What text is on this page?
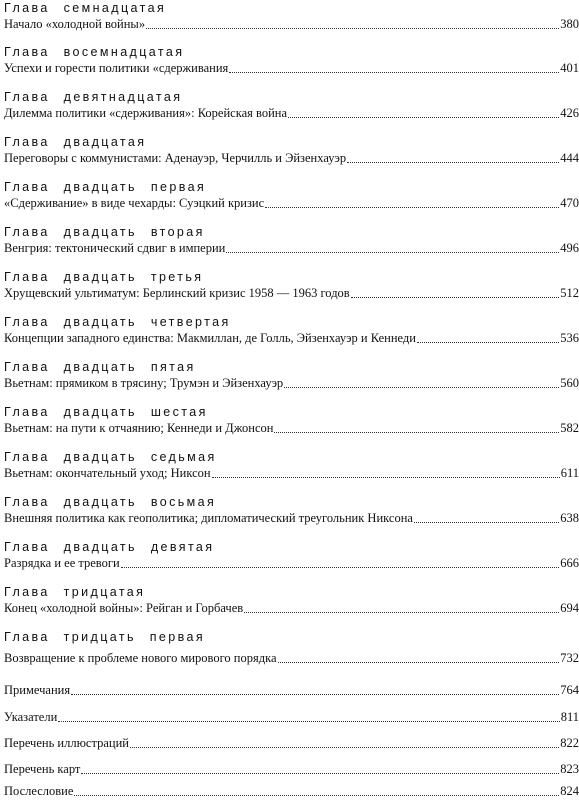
Глава семнадцатая
Начало «холодной войны»	380
Глава восемнадцатая
Успехи и горести политики «сдерживания	401
Глава девятнадцатая
Дилемма политики «сдерживания»: Корейская война	426
Глава двадцатая
Переговоры с коммунистами: Аденауэр, Черчилль и Эйзенхауэр	444
Глава двадцать первая
«Сдерживание» в виде чехарды: Суэцкий кризис	470
Глава двадцать вторая
Венгрия: тектонический сдвиг в империи	496
Глава двадцать третья
Хрущевский ультиматум: Берлинский кризис 1958 — 1963 годов	512
Глава двадцать четвертая
Концепции западного единства: Макмиллан, де Голль, Эйзенхауэр и Кеннеди	536
Глава двадцать пятая
Вьетнам: прямиком в трясину; Трумэн и Эйзенхауэр	560
Глава двадцать шестая
Вьетнам: на пути к отчаянию; Кеннеди и Джонсон	582
Глава двадцать седьмая
Вьетнам: окончательный уход; Никсон	611
Глава двадцать восьмая
Внешняя политика как геополитика; дипломатический треугольник Никсона	638
Глава двадцать девятая
Разрядка и ее тревоги	666
Глава тридцатая
Конец «холодной войны»: Рейган и Горбачев	694
Глава тридцать первая
Возвращение к проблеме нового мирового порядка	732
Примечания	764
Указатели	811
Перечень иллюстраций	822
Перечень карт	823
Послесловие	824
